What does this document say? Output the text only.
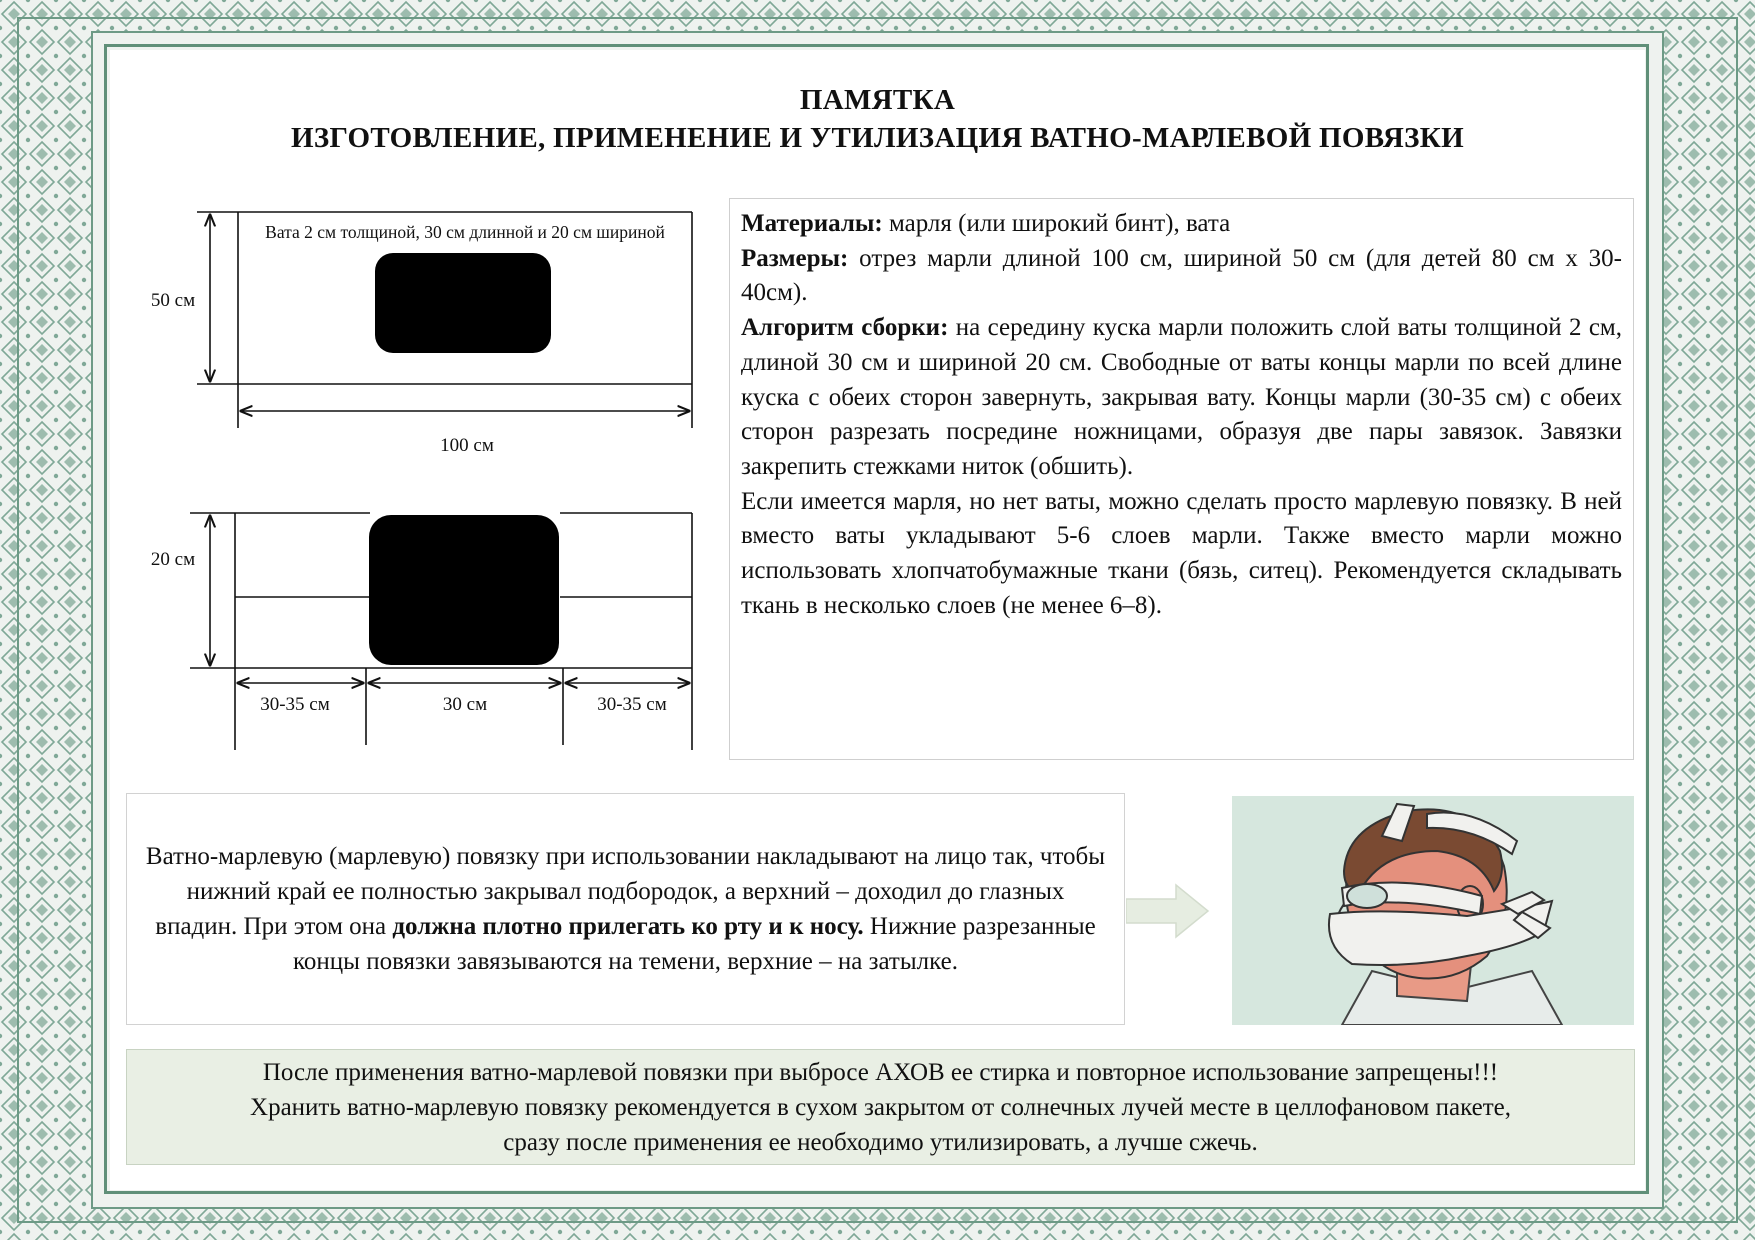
ПАМЯТКА
ИЗГОТОВЛЕНИЕ, ПРИМЕНЕНИЕ И УТИЛИЗАЦИЯ ВАТНО-МАРЛЕВОЙ ПОВЯЗКИ
Вата 2 см толщиной, 30 см длинной и 20 см шириной
50 см
100 см
20 см
30-35 см	30 см	30-35 см

Материалы: марля (или широкий бинт), вата

Размеры: отрез марли длиной 100 см, шириной 50 см (для детей 80 см х 30-40см).

Алгоритм сборки: на середину куска марли положить слой ваты толщиной 2 см, длиной 30 см и шириной 20 см. Свободные от ваты концы марли по всей длине куска с обеих сторон завернуть, закрывая вату. Концы марли (30-35 см) с обеих сторон разрезать посредине ножницами, образуя две пары завязок. Завязки закрепить стежками ниток (обшить).

Если имеется марля, но нет ваты, можно сделать просто марлевую повязку. В ней вместо ваты укладывают 5-6 слоев марли. Также вместо марли можно использовать хлопчатобумажные ткани (бязь, ситец). Рекомендуется складывать ткань в несколько слоев (не менее 6–8).

Ватно-марлевую (марлевую) повязку при использовании накладывают на лицо так, чтобы нижний край ее полностью закрывал подбородок, а верхний – доходил до глазных впадин. При этом она должна плотно прилегать ко рту и к носу. Нижние разрезанные концы повязки завязываются на темени, верхние – на затылке.

После применения ватно-марлевой повязки при выбросе АХОВ ее стирка и повторное использование запрещены!!!

Хранить ватно-марлевую повязку рекомендуется в сухом закрытом от солнечных лучей месте в целлофановом пакете,

сразу после применения ее необходимо утилизировать, а лучше сжечь.
